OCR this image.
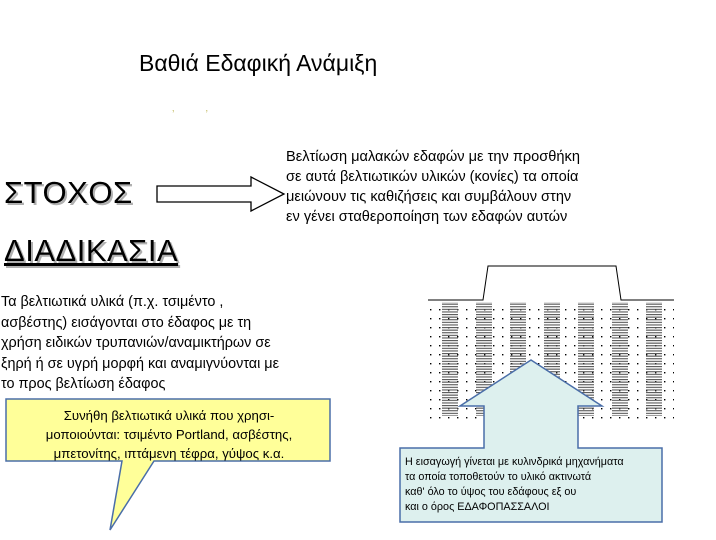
Βαθιά Εδαφική Ανάμιξη
‚ ‚
ΣΤΟΧΟΣ
Βελτίωση μαλακών εδαφών με την προσθήκη
σε αυτά βελτιωτικών υλικών (κονίες) τα οποία
μειώνουν τις καθιζήσεις και συμβάλουν στην
εν γένει σταθεροποίηση των εδαφών αυτών
ΔΙΑΔΙΚΑΣΙΑ
Τα βελτιωτικά υλικά (π.χ. τσιμέντο ,
ασβέστης) εισάγονται στο έδαφος με τη
χρήση ειδικών τρυπανιών/αναμικτήρων σε
ξηρή ή σε υγρή μορφή και αναμιγνύονται με
το προς βελτίωση έδαφος
Συνήθη βελτιωτικά υλικά που χρησι-
μοποιούνται: τσιμέντο Portland, ασβέστης,
μπετονίτης, ιπτάμενη τέφρα, γύψος κ.α.
Η εισαγωγή γίνεται με κυλινδρικά μηχανήματα
τα οποία τοποθετούν το υλικό ακτινωτά
καθ' όλο το ύψος του εδάφους εξ ου
και ο όρος ΕΔΑΦΟΠΑΣΣΑΛΟΙ
